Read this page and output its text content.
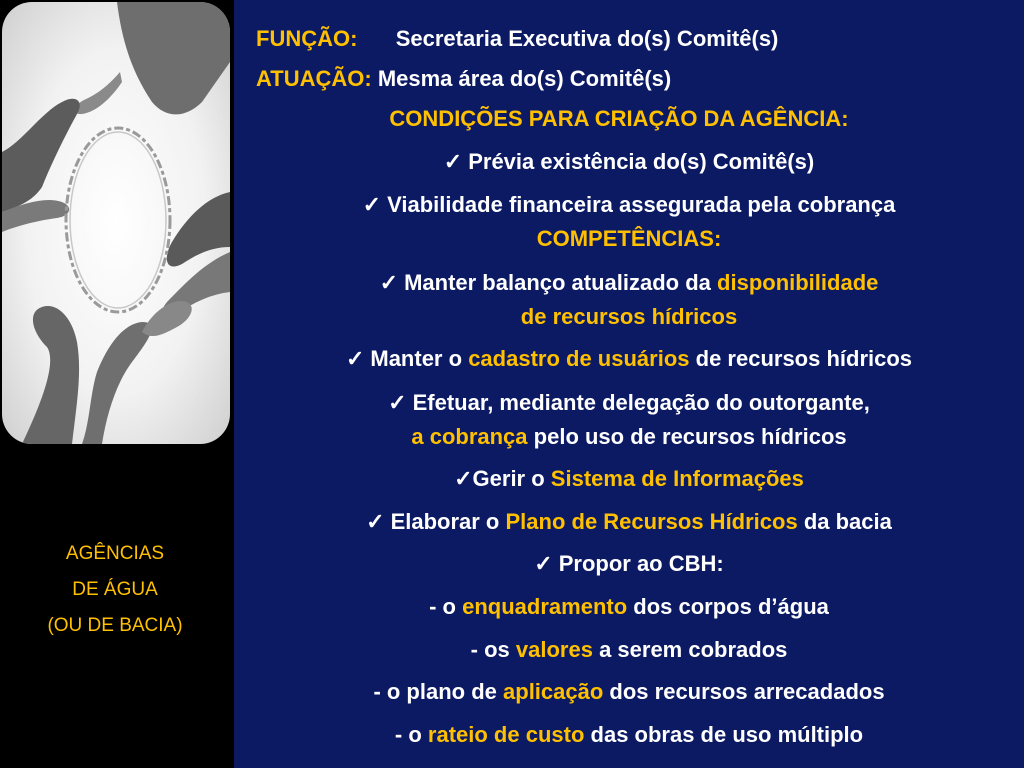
AGÊNCIAS
DE ÁGUA
(OU DE BACIA)
FUNÇÃO: Secretaria Executiva do(s) Comitê(s)
ATUAÇÃO: Mesma área do(s) Comitê(s)
CONDIÇÕES PARA CRIAÇÃO DA AGÊNCIA:
✓ Prévia existência do(s) Comitê(s)
✓ Viabilidade financeira assegurada pela cobrança
COMPETÊNCIAS:
✓ Manter balanço atualizado da disponibilidade
de recursos hídricos
✓ Manter o cadastro de usuários de recursos hídricos
✓ Efetuar, mediante delegação do outorgante,
a cobrança pelo uso de recursos hídricos
✓Gerir o Sistema de Informações
✓ Elaborar o Plano de Recursos Hídricos da bacia
✓ Propor ao CBH:
- o enquadramento dos corpos d’água
- os valores a serem cobrados
- o plano de aplicação dos recursos arrecadados
- o rateio de custo das obras de uso múltiplo
